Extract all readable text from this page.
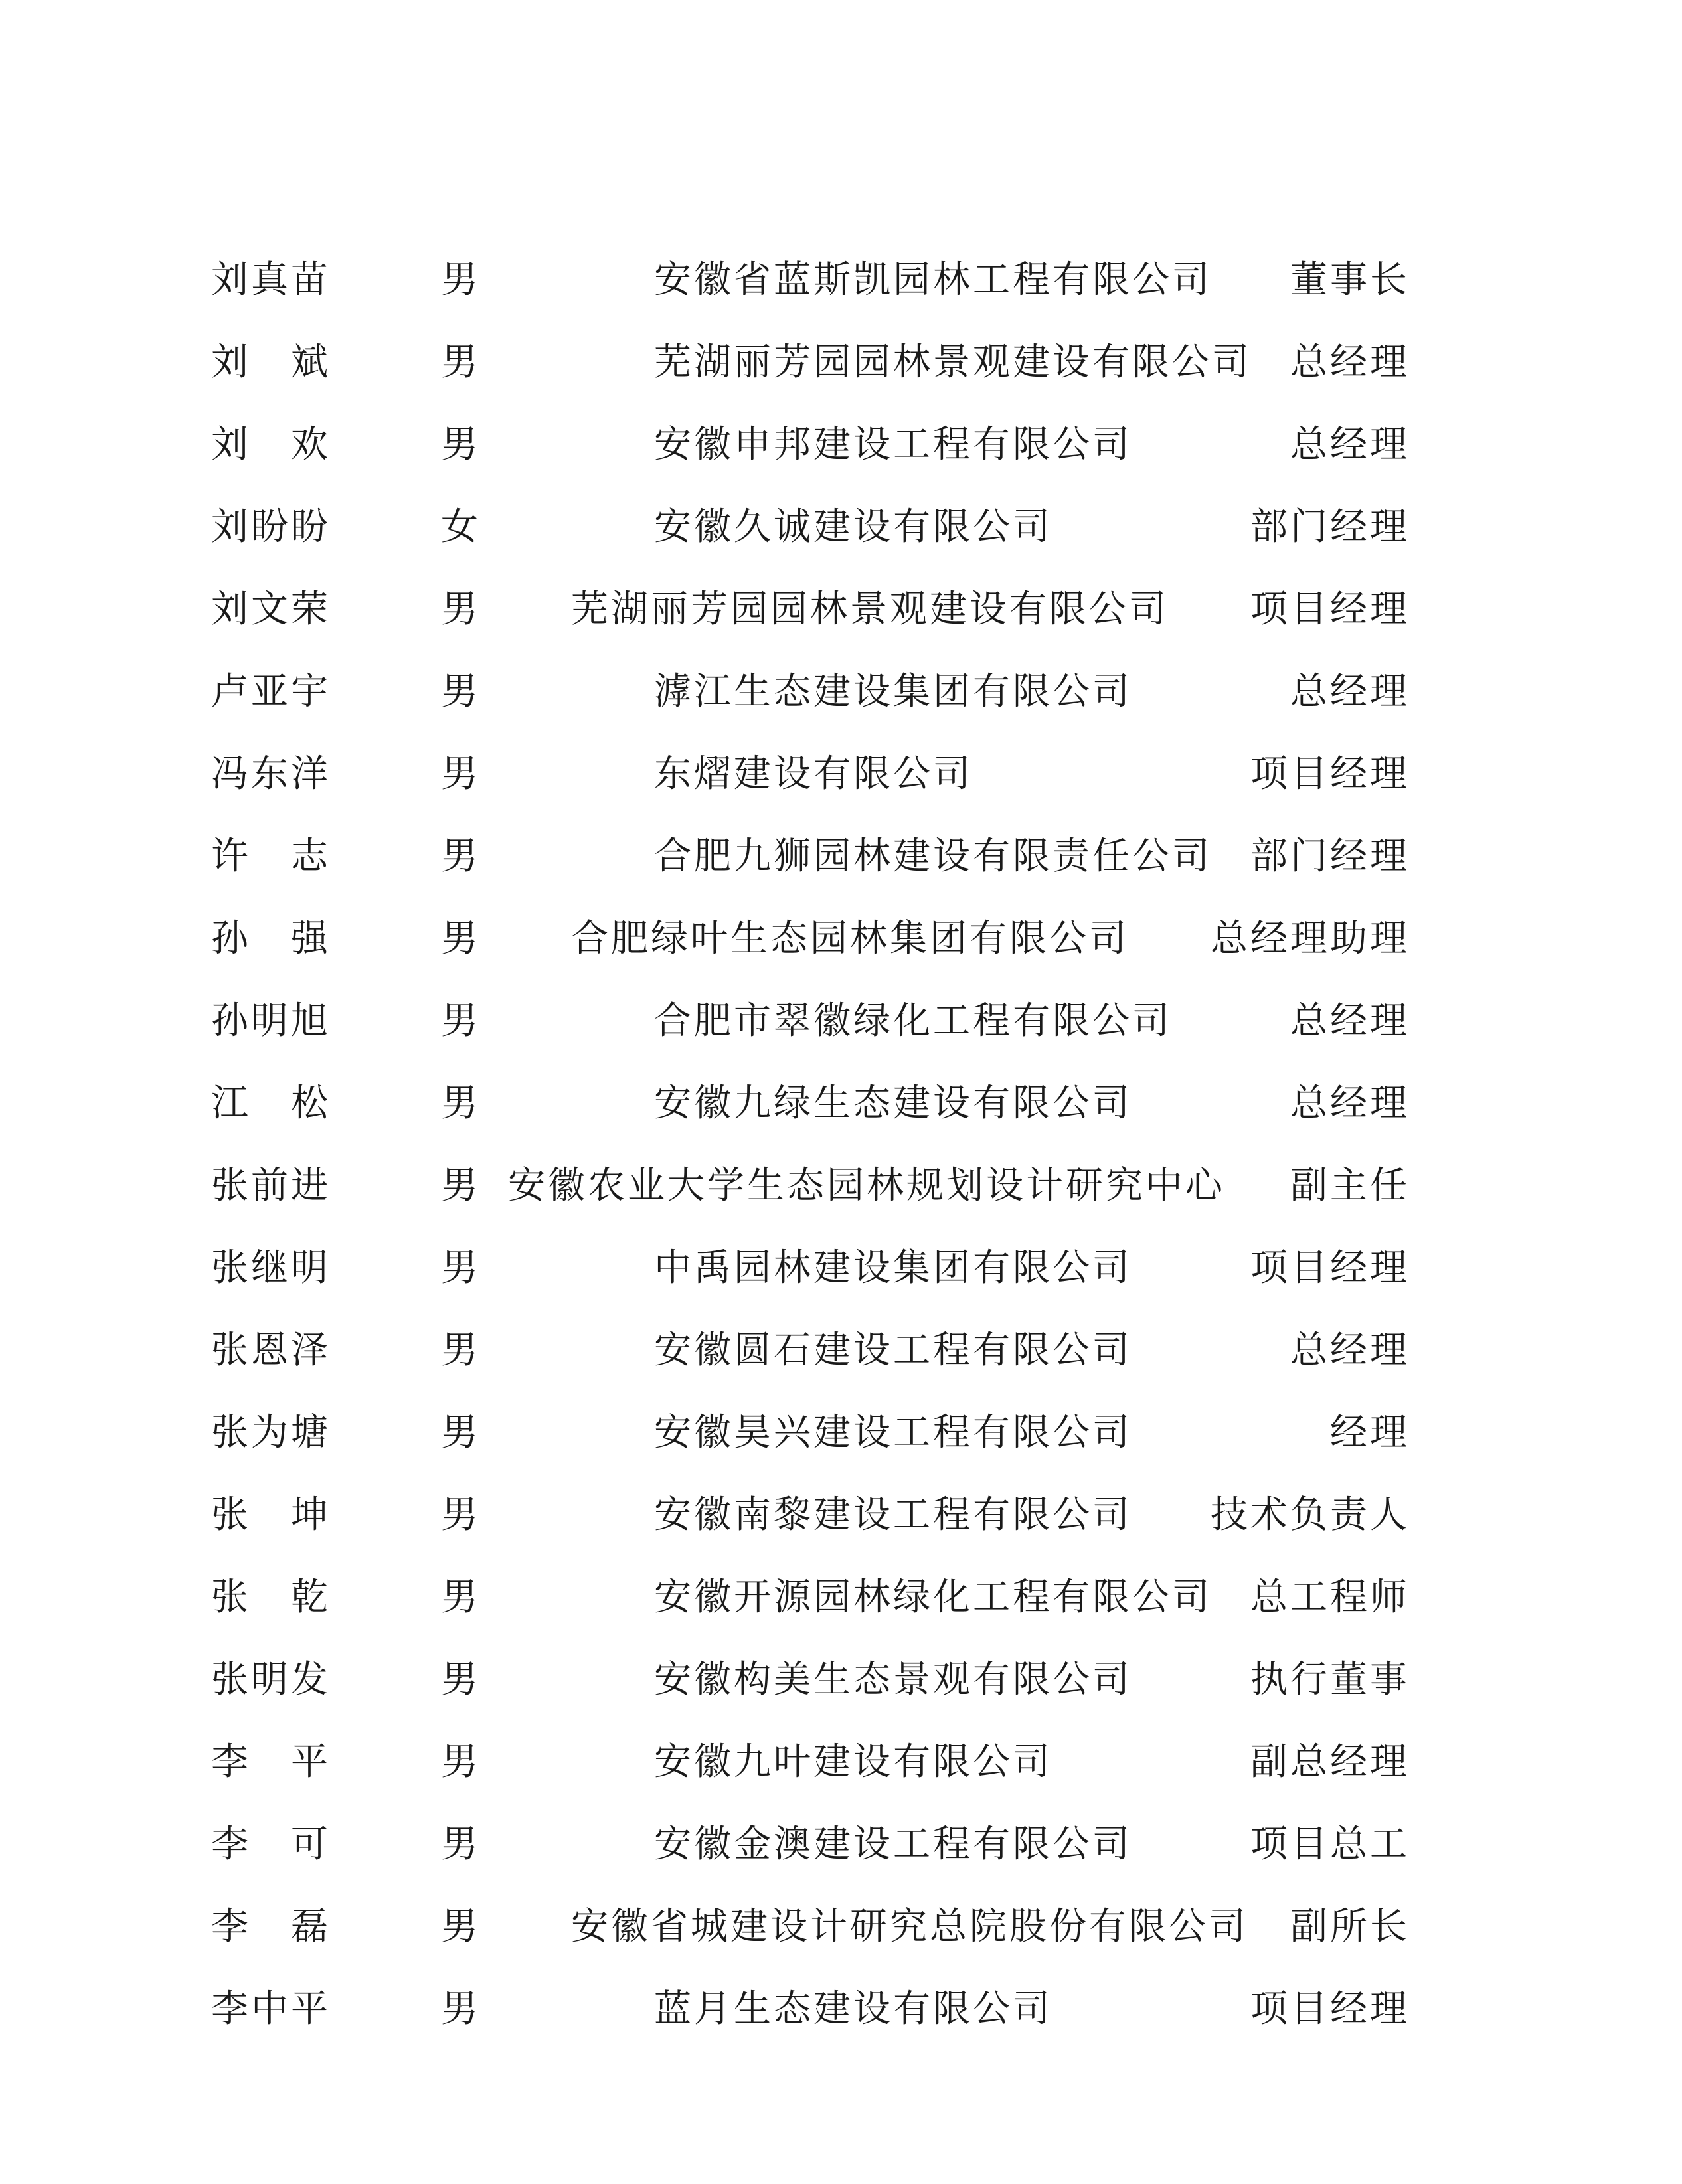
刘真苗	男	安徽省蓝斯凯园林工程有限公司 董事长
刘　斌	男	芜湖丽芳园园林景观建设有限公司 总经理
刘　欢	男	安徽申邦建设工程有限公司	总经理
刘盼盼	女	安徽久诚建设有限公司	部门经理
刘文荣	男 芜湖丽芳园园林景观建设有限公司 项目经理
卢亚宇	男	滹江生态建设集团有限公司	总经理
冯东洋	男	东熠建设有限公司	项目经理
许　志	男	合肥九狮园林建设有限责任公司 部门经理
孙　强	男 合肥绿叶生态园林集团有限公司 总经理助理
孙明旭	男	合肥市翠徽绿化工程有限公司	总经理
江　松	男	安徽九绿生态建设有限公司	总经理
张前进	男 安徽农业大学生态园林规划设计研究中心 副主任
张继明	男	中禹园林建设集团有限公司	项目经理
张恩泽	男	安徽圆石建设工程有限公司	总经理
张为塘	男	安徽昊兴建设工程有限公司	经理
张　坤	男	安徽南黎建设工程有限公司 技术负责人
张　乾	男	安徽开源园林绿化工程有限公司 总工程师
张明发	男	安徽构美生态景观有限公司	执行董事
李　平	男	安徽九叶建设有限公司	副总经理
李　可	男	安徽金澳建设工程有限公司	项目总工
李　磊	男 安徽省城建设计研究总院股份有限公司 副所长
李中平	男	蓝月生态建设有限公司	项目经理
